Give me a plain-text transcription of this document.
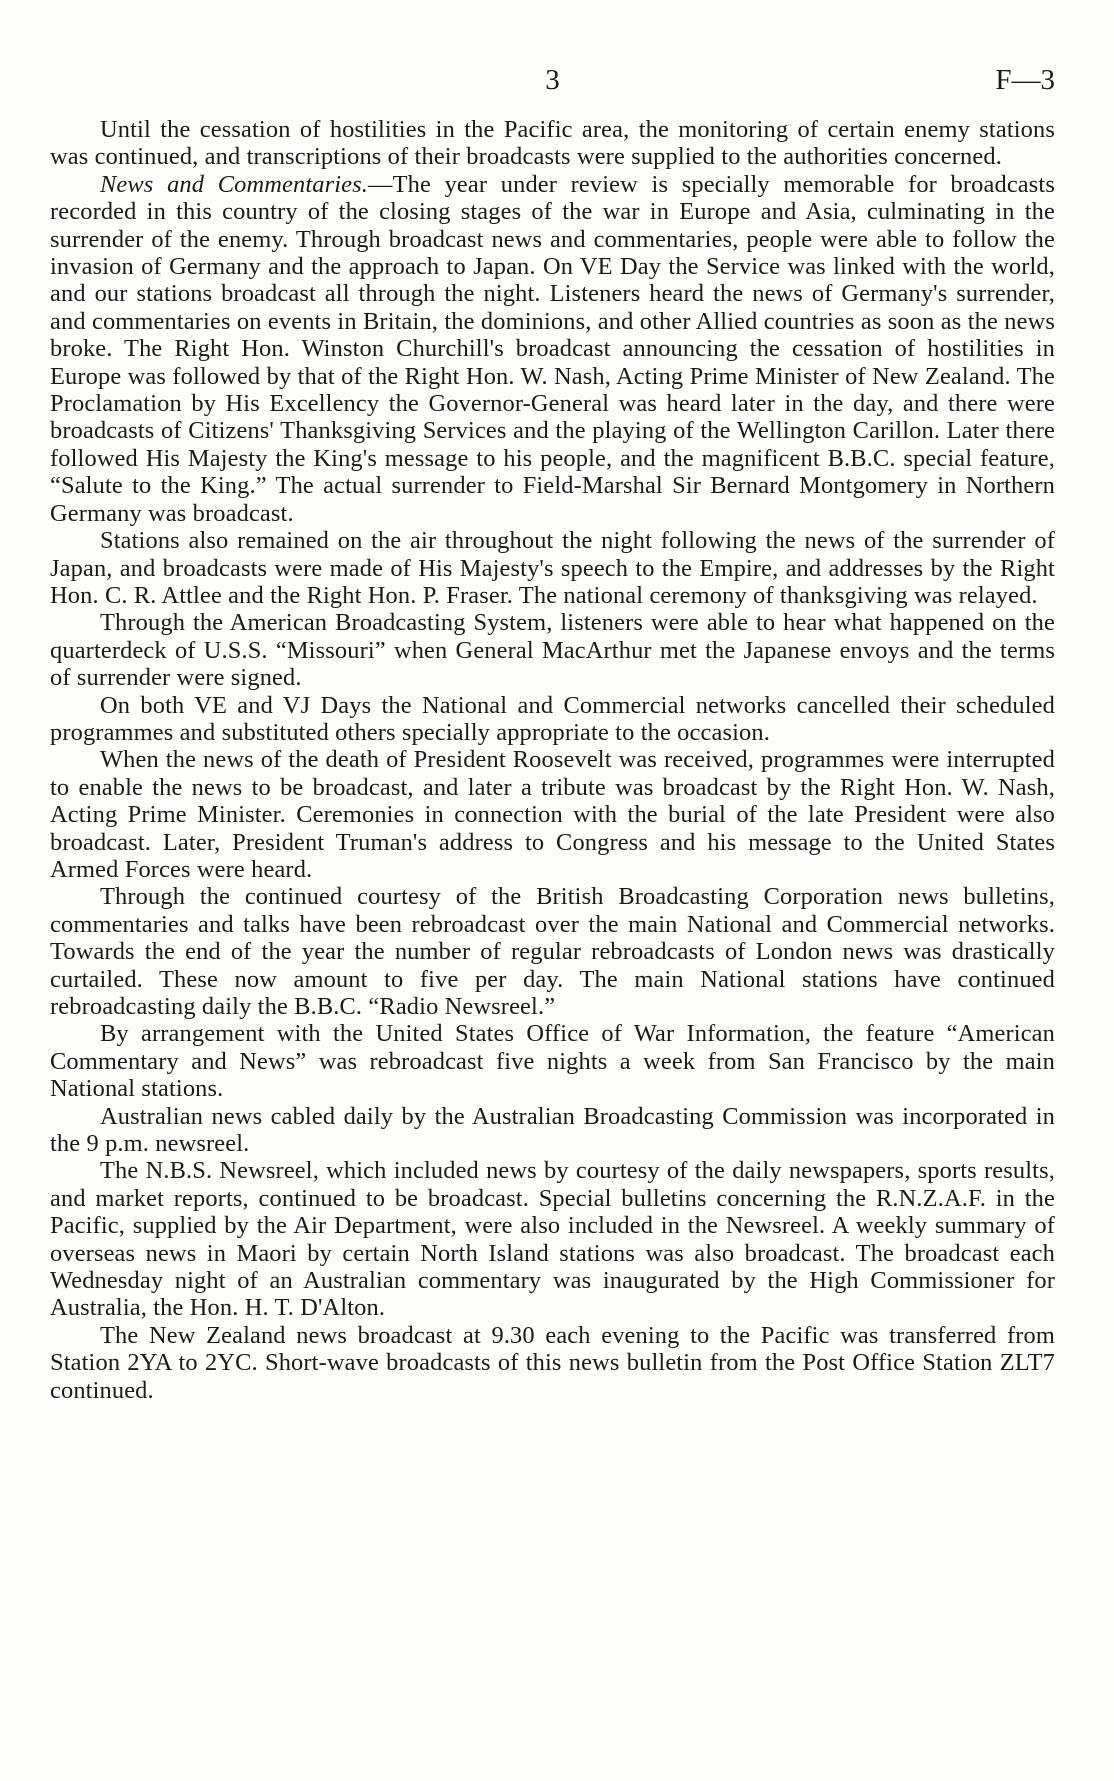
3	F—3

Until the cessation of hostilities in the Pacific area, the monitoring of certain enemy stations was continued, and transcriptions of their broadcasts were supplied to the authorities concerned.

News and Commentaries.—The year under review is specially memorable for broadcasts recorded in this country of the closing stages of the war in Europe and Asia, culminating in the surrender of the enemy. Through broadcast news and commentaries, people were able to follow the invasion of Germany and the approach to Japan. On VE Day the Service was linked with the world, and our stations broadcast all through the night. Listeners heard the news of Germany's surrender, and commentaries on events in Britain, the dominions, and other Allied countries as soon as the news broke. The Right Hon. Winston Churchill's broadcast announcing the cessation of hostilities in Europe was followed by that of the Right Hon. W. Nash, Acting Prime Minister of New Zealand. The Proclamation by His Excellency the Governor-General was heard later in the day, and there were broadcasts of Citizens' Thanksgiving Services and the playing of the Wellington Carillon. Later there followed His Majesty the King's message to his people, and the magnificent B.B.C. special feature, “Salute to the King.” The actual surrender to Field-Marshal Sir Bernard Montgomery in Northern Germany was broadcast.

Stations also remained on the air throughout the night following the news of the surrender of Japan, and broadcasts were made of His Majesty's speech to the Empire, and addresses by the Right Hon. C. R. Attlee and the Right Hon. P. Fraser. The national ceremony of thanksgiving was relayed.

Through the American Broadcasting System, listeners were able to hear what happened on the quarterdeck of U.S.S. “Missouri” when General MacArthur met the Japanese envoys and the terms of surrender were signed.

On both VE and VJ Days the National and Commercial networks cancelled their scheduled programmes and substituted others specially appropriate to the occasion.

When the news of the death of President Roosevelt was received, programmes were interrupted to enable the news to be broadcast, and later a tribute was broadcast by the Right Hon. W. Nash, Acting Prime Minister. Ceremonies in connection with the burial of the late President were also broadcast. Later, President Truman's address to Congress and his message to the United States Armed Forces were heard.

Through the continued courtesy of the British Broadcasting Corporation news bulletins, commentaries and talks have been rebroadcast over the main National and Commercial networks. Towards the end of the year the number of regular rebroadcasts of London news was drastically curtailed. These now amount to five per day. The main National stations have continued rebroadcasting daily the B.B.C. “Radio Newsreel.”

By arrangement with the United States Office of War Information, the feature “American Commentary and News” was rebroadcast five nights a week from San Francisco by the main National stations.

Australian news cabled daily by the Australian Broadcasting Commission was incorporated in the 9 p.m. newsreel.

The N.B.S. Newsreel, which included news by courtesy of the daily newspapers, sports results, and market reports, continued to be broadcast. Special bulletins concerning the R.N.Z.A.F. in the Pacific, supplied by the Air Department, were also included in the Newsreel. A weekly summary of overseas news in Maori by certain North Island stations was also broadcast. The broadcast each Wednesday night of an Australian commentary was inaugurated by the High Commissioner for Australia, the Hon. H. T. D'Alton.

The New Zealand news broadcast at 9.30 each evening to the Pacific was transferred from Station 2YA to 2YC. Short-wave broadcasts of this news bulletin from the Post Office Station ZLT7 continued.
